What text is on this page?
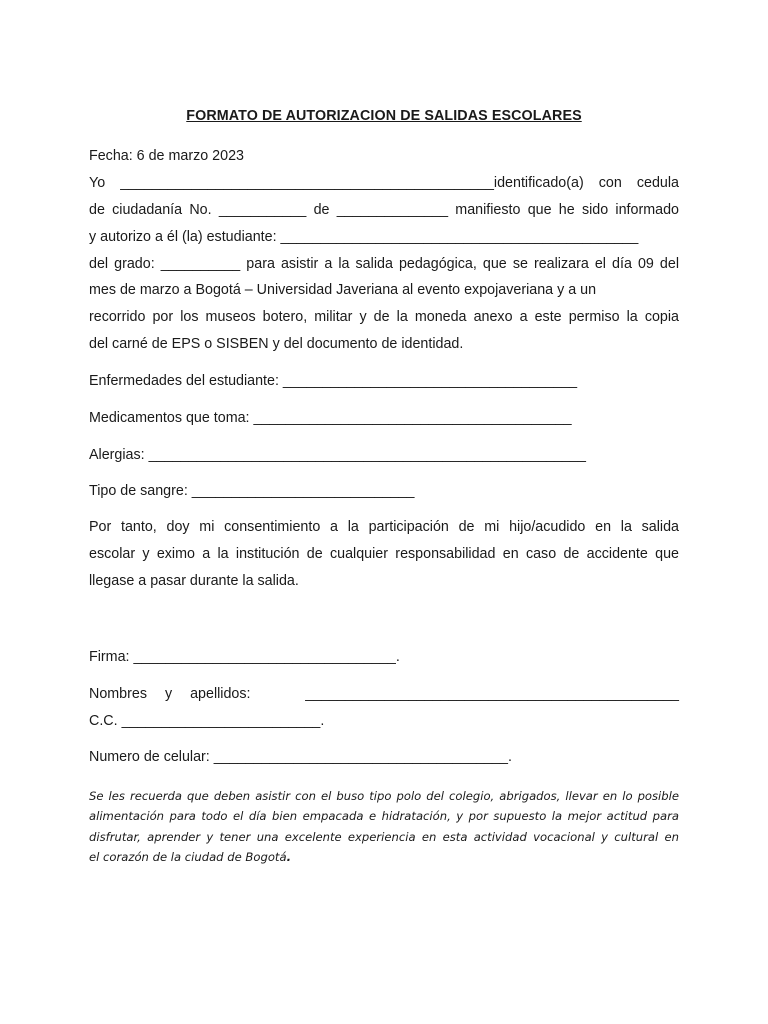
FORMATO DE AUTORIZACION DE SALIDAS ESCOLARES
Fecha: 6 de marzo 2023
Yo _______________________________________________identificado(a) con cedula
de ciudadanía No. ___________ de ______________ manifiesto que he sido informado
y autorizo a él (la) estudiante: _____________________________________________
del grado: __________ para asistir a la salida pedagógica, que se realizara el día 09 del
mes de marzo a Bogotá – Universidad Javeriana al evento expojaveriana y a un
recorrido por los museos botero, militar y de la moneda anexo a este permiso la copia
del carné de EPS o SISBEN y del documento de identidad.
Enfermedades del estudiante: _____________________________________
Medicamentos que toma: ________________________________________
Alergias: _______________________________________________________
Tipo de sangre: ____________________________
Por tanto, doy mi consentimiento a la participación de mi hijo/acudido en la salida
escolar y eximo a la institución de cualquier responsabilidad en caso de accidente que
llegase a pasar durante la salida.
Firma: _________________________________.
Nombres y apellidos:	_______________________________________________
C.C. _________________________.
Numero de celular: _____________________________________.
Se les recuerda que deben asistir con el buso tipo polo del colegio, abrigados, llevar en lo posible
alimentación para todo el día bien empacada e hidratación, y por supuesto la mejor actitud para
disfrutar, aprender y tener una excelente experiencia en esta actividad vocacional y cultural en
el corazón de la ciudad de Bogotá.
